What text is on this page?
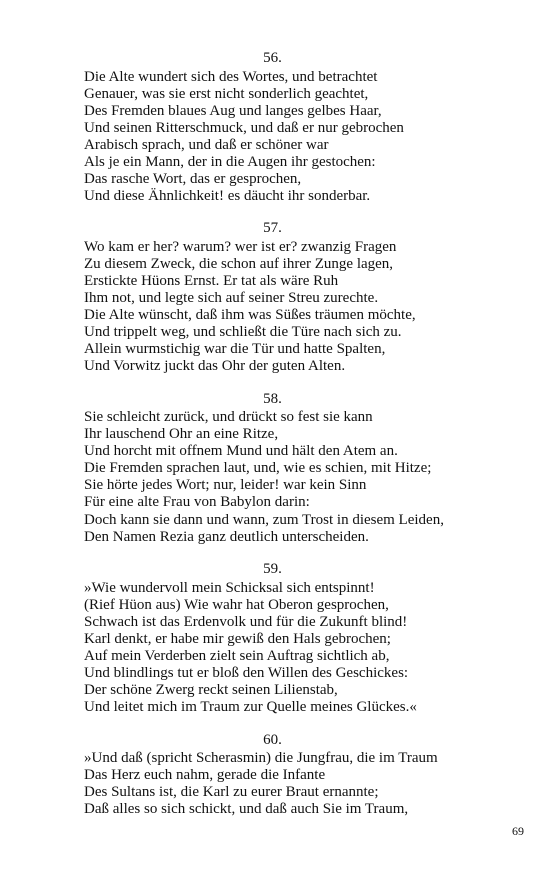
56.
Die Alte wundert sich des Wortes, und betrachtet
Genauer, was sie erst nicht sonderlich geachtet,
Des Fremden blaues Aug und langes gelbes Haar,
Und seinen Ritterschmuck, und daß er nur gebrochen
Arabisch sprach, und daß er schöner war
Als je ein Mann, der in die Augen ihr gestochen:
Das rasche Wort, das er gesprochen,
Und diese Ähnlichkeit! es däucht ihr sonderbar.
57.
Wo kam er her? warum? wer ist er? zwanzig Fragen
Zu diesem Zweck, die schon auf ihrer Zunge lagen,
Erstickte Hüons Ernst. Er tat als wäre Ruh
Ihm not, und legte sich auf seiner Streu zurechte.
Die Alte wünscht, daß ihm was Süßes träumen möchte,
Und trippelt weg, und schließt die Türe nach sich zu.
Allein wurmstichig war die Tür und hatte Spalten,
Und Vorwitz juckt das Ohr der guten Alten.
58.
Sie schleicht zurück, und drückt so fest sie kann
Ihr lauschend Ohr an eine Ritze,
Und horcht mit offnem Mund und hält den Atem an.
Die Fremden sprachen laut, und, wie es schien, mit Hitze;
Sie hörte jedes Wort; nur, leider! war kein Sinn
Für eine alte Frau von Babylon darin:
Doch kann sie dann und wann, zum Trost in diesem Leiden,
Den Namen Rezia ganz deutlich unterscheiden.
59.
»Wie wundervoll mein Schicksal sich entspinnt!
(Rief Hüon aus) Wie wahr hat Oberon gesprochen,
Schwach ist das Erdenvolk und für die Zukunft blind!
Karl denkt, er habe mir gewiß den Hals gebrochen;
Auf mein Verderben zielt sein Auftrag sichtlich ab,
Und blindlings tut er bloß den Willen des Geschickes:
Der schöne Zwerg reckt seinen Lilienstab,
Und leitet mich im Traum zur Quelle meines Glückes.«
60.
»Und daß (spricht Scherasmin) die Jungfrau, die im Traum
Das Herz euch nahm, gerade die Infante
Des Sultans ist, die Karl zu eurer Braut ernannte;
Daß alles so sich schickt, und daß auch Sie im Traum,
69
